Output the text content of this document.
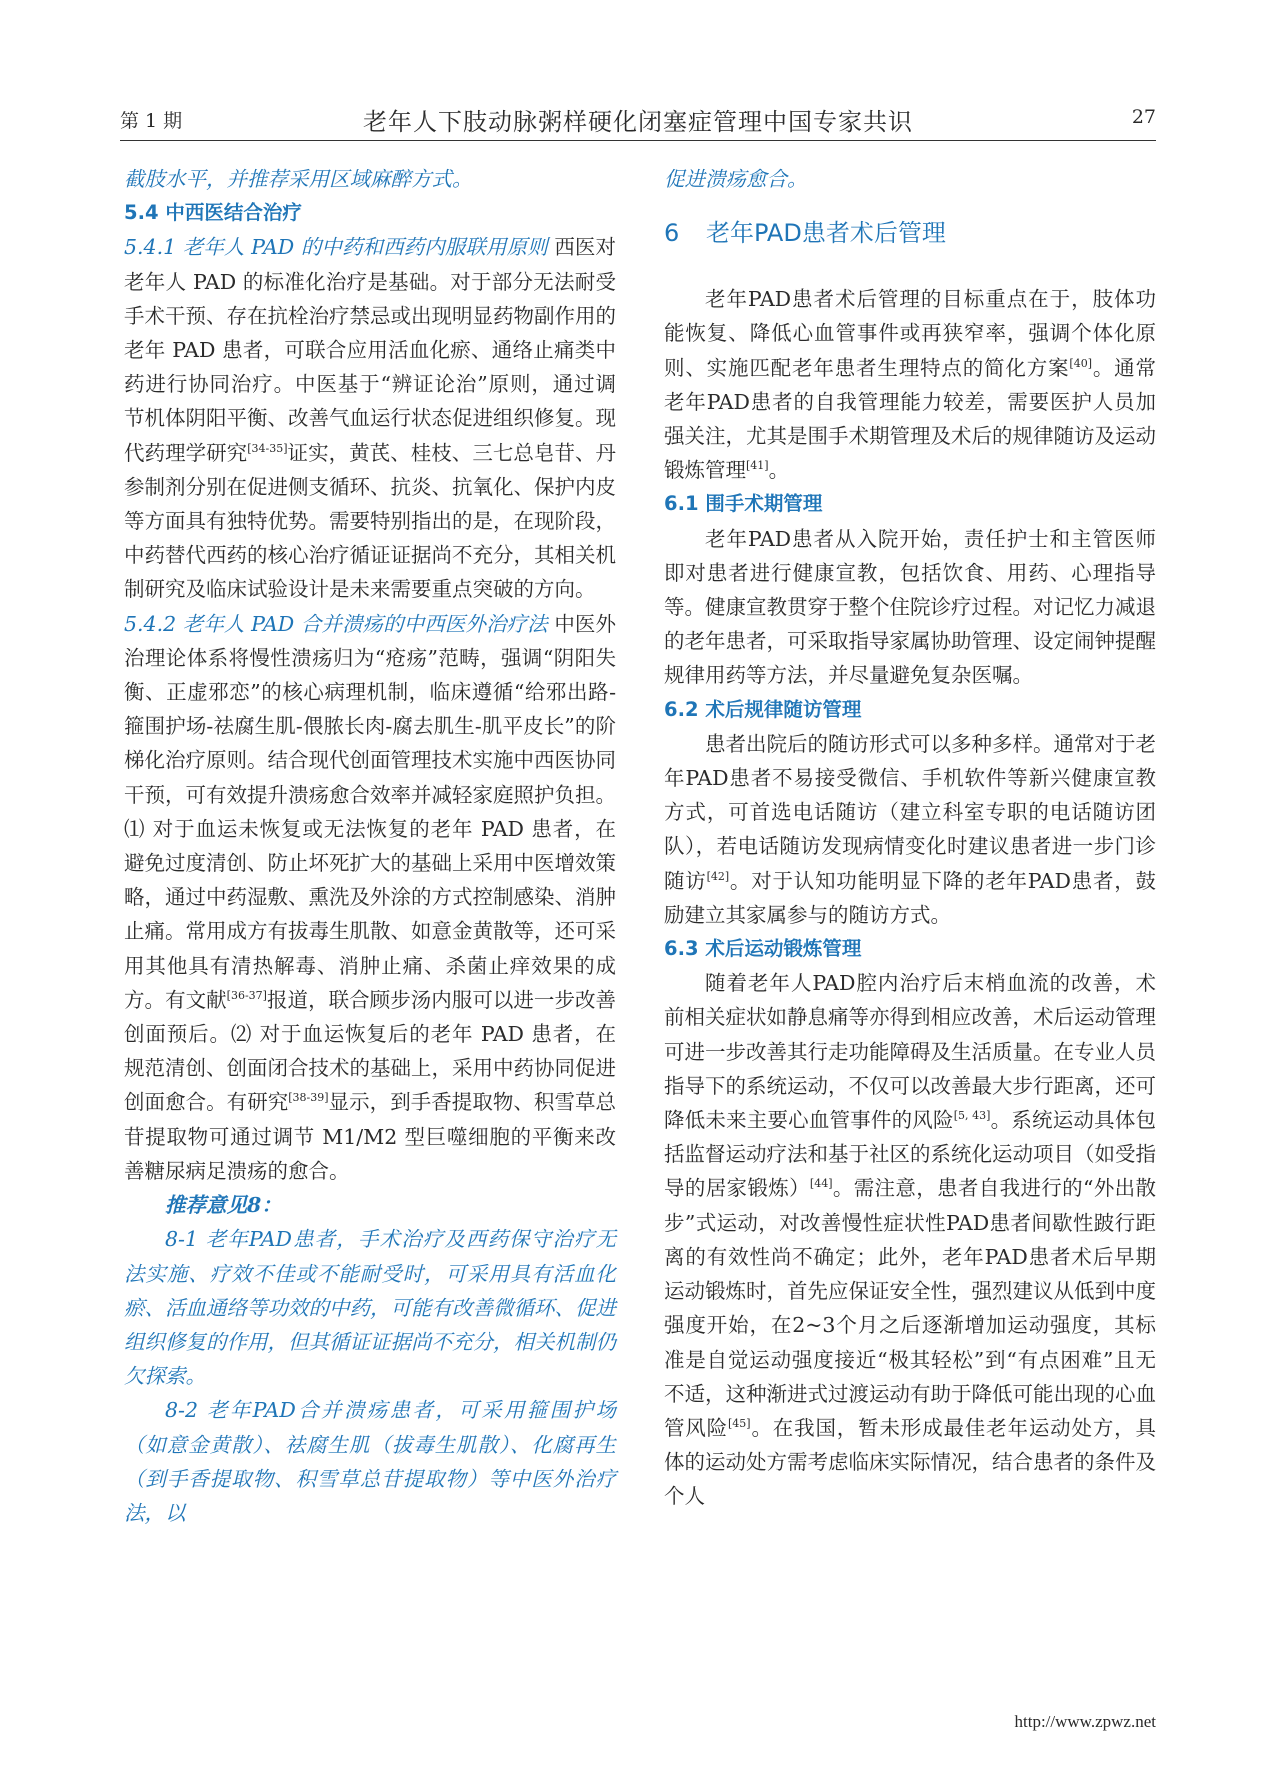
第 1 期	老年人下肢动脉粥样硬化闭塞症管理中国专家共识	27

截肢水平，并推荐采用区域麻醉方式。

5.4 中西医结合治疗

5.4.1 老年人 PAD 的中药和西药内服联用原则 西医对老年人 PAD 的标准化治疗是基础。对于部分无法耐受手术干预、存在抗栓治疗禁忌或出现明显药物副作用的老年 PAD 患者，可联合应用活血化瘀、通络止痛类中药进行协同治疗。中医基于“辨证论治”原则，通过调节机体阴阳平衡、改善气血运行状态促进组织修复。现代药理学研究[34-35]证实，黄芪、桂枝、三七总皂苷、丹参制剂分别在促进侧支循环、抗炎、抗氧化、保护内皮等方面具有独特优势。需要特别指出的是，在现阶段，中药替代西药的核心治疗循证证据尚不充分，其相关机制研究及临床试验设计是未来需要重点突破的方向。

5.4.2 老年人 PAD 合并溃疡的中西医外治疗法 中医外治理论体系将慢性溃疡归为“疮疡”范畴，强调“阴阳失衡、正虚邪恋”的核心病理机制，临床遵循“给邪出路-箍围护场-祛腐生肌-偎脓长肉-腐去肌生-肌平皮长”的阶梯化治疗原则。结合现代创面管理技术实施中西医协同干预，可有效提升溃疡愈合效率并减轻家庭照护负担。⑴ 对于血运未恢复或无法恢复的老年 PAD 患者，在避免过度清创、防止坏死扩大的基础上采用中医增效策略，通过中药湿敷、熏洗及外涂的方式控制感染、消肿止痛。常用成方有拔毒生肌散、如意金黄散等，还可采用其他具有清热解毒、消肿止痛、杀菌止痒效果的成方。有文献[36-37]报道，联合顾步汤内服可以进一步改善创面预后。⑵ 对于血运恢复后的老年 PAD 患者，在规范清创、创面闭合技术的基础上，采用中药协同促进创面愈合。有研究[38-39]显示，到手香提取物、积雪草总苷提取物可通过调节 M1/M2 型巨噬细胞的平衡来改善糖尿病足溃疡的愈合。

推荐意见8：

8-1 老年PAD患者，手术治疗及西药保守治疗无法实施、疗效不佳或不能耐受时，可采用具有活血化瘀、活血通络等功效的中药，可能有改善微循环、促进组织修复的作用，但其循证证据尚不充分，相关机制仍欠探索。

8-2 老年PAD合并溃疡患者，可采用箍围护场（如意金黄散）、祛腐生肌（拔毒生肌散）、化腐再生（到手香提取物、积雪草总苷提取物）等中医外治疗法，以

促进溃疡愈合。

6 老年PAD患者术后管理

老年PAD患者术后管理的目标重点在于，肢体功能恢复、降低心血管事件或再狭窄率，强调个体化原则、实施匹配老年患者生理特点的简化方案[40]。通常老年PAD患者的自我管理能力较差，需要医护人员加强关注，尤其是围手术期管理及术后的规律随访及运动锻炼管理[41]。

6.1 围手术期管理

老年PAD患者从入院开始，责任护士和主管医师即对患者进行健康宣教，包括饮食、用药、心理指导等。健康宣教贯穿于整个住院诊疗过程。对记忆力减退的老年患者，可采取指导家属协助管理、设定闹钟提醒规律用药等方法，并尽量避免复杂医嘱。

6.2 术后规律随访管理

患者出院后的随访形式可以多种多样。通常对于老年PAD患者不易接受微信、手机软件等新兴健康宣教方式，可首选电话随访（建立科室专职的电话随访团队），若电话随访发现病情变化时建议患者进一步门诊随访[42]。对于认知功能明显下降的老年PAD患者，鼓励建立其家属参与的随访方式。

6.3 术后运动锻炼管理

随着老年人PAD腔内治疗后末梢血流的改善，术前相关症状如静息痛等亦得到相应改善，术后运动管理可进一步改善其行走功能障碍及生活质量。在专业人员指导下的系统运动，不仅可以改善最大步行距离，还可降低未来主要心血管事件的风险[5, 43]。系统运动具体包括监督运动疗法和基于社区的系统化运动项目（如受指导的居家锻炼）[44]。需注意，患者自我进行的“外出散步”式运动，对改善慢性症状性PAD患者间歇性跛行距离的有效性尚不确定；此外，老年PAD患者术后早期运动锻炼时，首先应保证安全性，强烈建议从低到中度强度开始，在2~3个月之后逐渐增加运动强度，其标准是自觉运动强度接近“极其轻松”到“有点困难”且无不适，这种渐进式过渡运动有助于降低可能出现的心血管风险[45]。在我国，暂未形成最佳老年运动处方，具体的运动处方需考虑临床实际情况，结合患者的条件及个人

http://www.zpwz.net
